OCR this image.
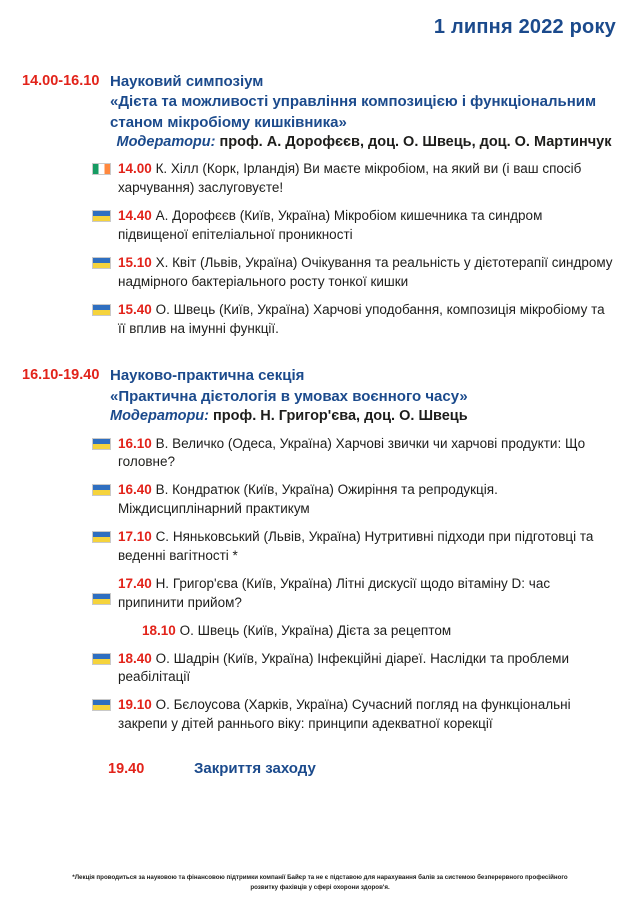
1 липня 2022 року
14.00-16.10 Науковий симпозіум
«Дієта та можливості управління композицією і функціональним станом мікробіому кишківника»
Модератори: проф. А. Дорофєєв, доц. О. Швець, доц. О. Мартинчук
14.00 К. Хілл (Корк, Ірландія) Ви маєте мікробіом, на який ви (і ваш спосіб харчування) заслуговуєте!
14.40 А. Дорофєєв (Київ, Україна) Мікробіом кишечника та синдром підвищеної епітеліальної проникності
15.10 Х. Квіт (Львів, Україна) Очікування та реальність у дієтотерапії синдрому надмірного бактеріального росту тонкої кишки
15.40 О. Швець (Київ, Україна) Харчові уподобання, композиція мікробіому та її вплив на імунні функції.
16.10-19.40 Науково-практична секція
«Практична дієтологія в умовах воєнного часу»
Модератори: проф. Н. Григор'єва, доц. О. Швець
16.10 В. Величко (Одеса, Україна) Харчові звички чи харчові продукти: Що головне?
16.40 В. Кондратюк (Київ, Україна) Ожиріння та репродукція. Міждисциплінарний практикум
17.10 С. Няньковський (Львів, Україна) Нутритивні підходи при підготовці та веденні вагітності *
17.40 Н. Григор'єва (Київ, Україна) Літні дискусії щодо вітаміну D: час припинити прийом?
18.10 О. Швець (Київ, Україна) Дієта за рецептом
18.40 О. Шадрін (Київ, Україна) Інфекційні діареї. Наслідки та проблеми реабілітації
19.10 О. Бєлоусова (Харків, Україна) Сучасний погляд на функціональні закрепи у дітей раннього віку: принципи адекватної корекції
19.40	Закриття заходу
*Лекція проводиться за науковою та фінансовою підтримки компанії Байєр та не є підставою для нарахування балів за системою безперервного професійного розвитку фахівців у сфері охорони здоров'я.
